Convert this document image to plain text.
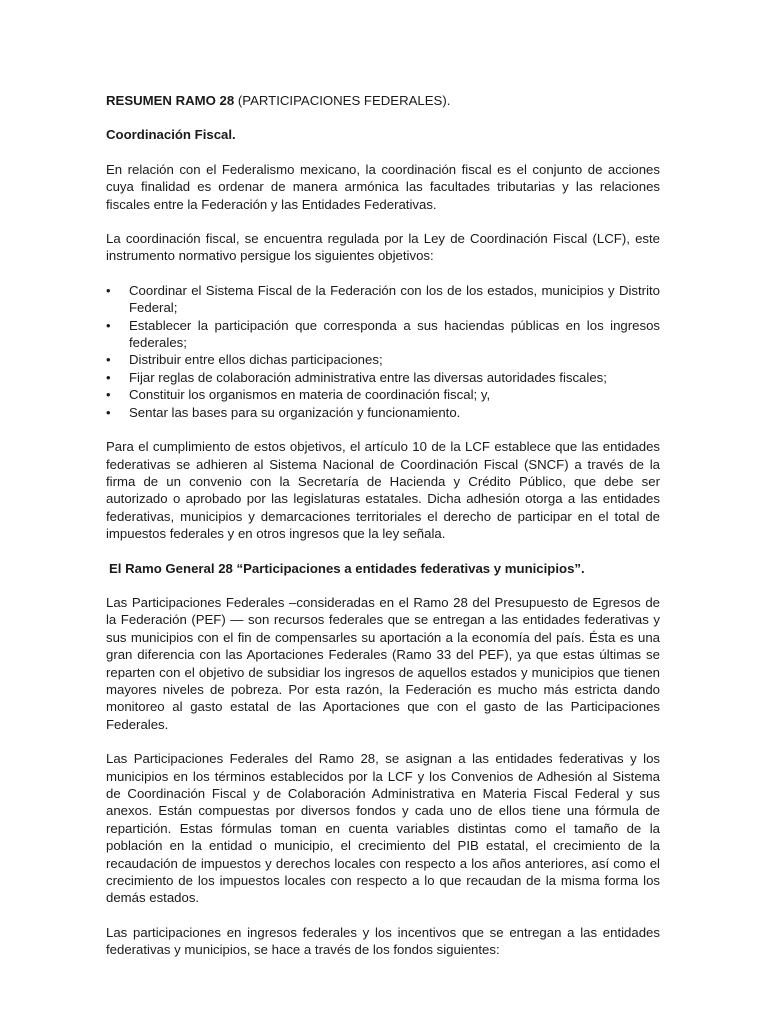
RESUMEN RAMO 28 (PARTICIPACIONES FEDERALES).

Coordinación Fiscal.

En relación con el Federalismo mexicano, la coordinación fiscal es el conjunto de acciones cuya finalidad es ordenar de manera armónica las facultades tributarias y las relaciones fiscales entre la Federación y las Entidades Federativas.

La coordinación fiscal, se encuentra regulada por la Ley de Coordinación Fiscal (LCF), este instrumento normativo persigue los siguientes objetivos:

• Coordinar el Sistema Fiscal de la Federación con los de los estados, municipios y Distrito Federal;
• Establecer la participación que corresponda a sus haciendas públicas en los ingresos federales;
• Distribuir entre ellos dichas participaciones;
• Fijar reglas de colaboración administrativa entre las diversas autoridades fiscales;
• Constituir los organismos en materia de coordinación fiscal; y,
• Sentar las bases para su organización y funcionamiento.

Para el cumplimiento de estos objetivos, el artículo 10 de la LCF establece que las entidades federativas se adhieren al Sistema Nacional de Coordinación Fiscal (SNCF) a través de la firma de un convenio con la Secretaría de Hacienda y Crédito Público, que debe ser autorizado o aprobado por las legislaturas estatales. Dicha adhesión otorga a las entidades federativas, municipios y demarcaciones territoriales el derecho de participar en el total de impuestos federales y en otros ingresos que la ley señala.

El Ramo General 28 “Participaciones a entidades federativas y municipios”.

Las Participaciones Federales –consideradas en el Ramo 28 del Presupuesto de Egresos de la Federación (PEF) — son recursos federales que se entregan a las entidades federativas y sus municipios con el fin de compensarles su aportación a la economía del país. Ésta es una gran diferencia con las Aportaciones Federales (Ramo 33 del PEF), ya que estas últimas se reparten con el objetivo de subsidiar los ingresos de aquellos estados y municipios que tienen mayores niveles de pobreza. Por esta razón, la Federación es mucho más estricta dando monitoreo al gasto estatal de las Aportaciones que con el gasto de las Participaciones Federales.

Las Participaciones Federales del Ramo 28, se asignan a las entidades federativas y los municipios en los términos establecidos por la LCF y los Convenios de Adhesión al Sistema de Coordinación Fiscal y de Colaboración Administrativa en Materia Fiscal Federal y sus anexos. Están compuestas por diversos fondos y cada uno de ellos tiene una fórmula de repartición. Estas fórmulas toman en cuenta variables distintas como el tamaño de la población en la entidad o municipio, el crecimiento del PIB estatal, el crecimiento de la recaudación de impuestos y derechos locales con respecto a los años anteriores, así como el crecimiento de los impuestos locales con respecto a lo que recaudan de la misma forma los demás estados.

Las participaciones en ingresos federales y los incentivos que se entregan a las entidades federativas y municipios, se hace a través de los fondos siguientes:
